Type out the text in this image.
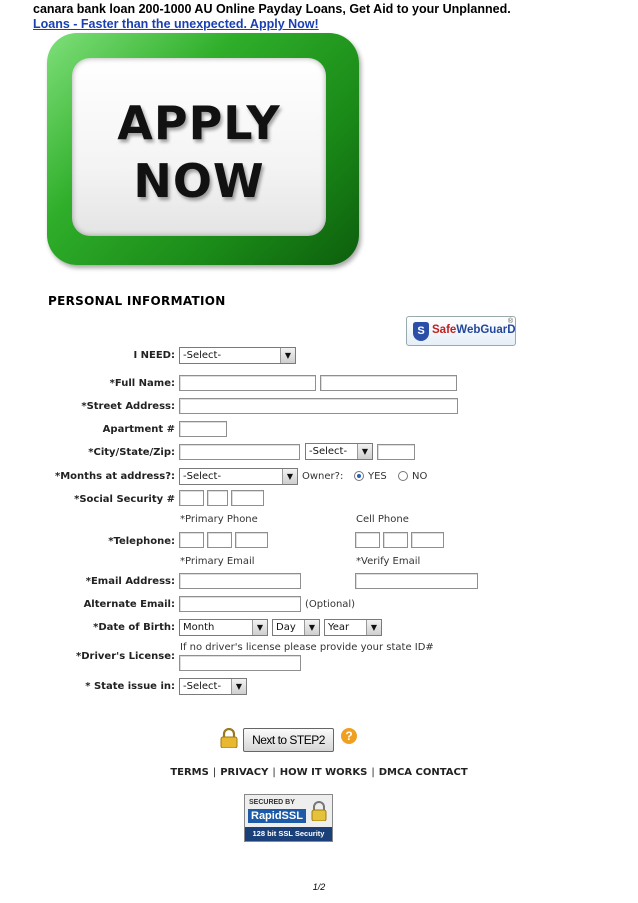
canara bank loan 200-1000 AU Online Payday Loans, Get Aid to your Unplanned.
Loans - Faster than the unexpected. Apply Now!
APPLY
NOW
PERSONAL INFORMATION
S SafeWebGuarD
®
I NEED: -Select-	▼
*Full Name:
*Street Address:
Apartment #
*City/State/Zip:	-Select-	▼
*Months at address?: -Select-	▼ Owner?: YES	NO
*Social Security #
*Primary Phone	Cell Phone
*Telephone:
*Primary Email	*Verify Email
*Email Address:
Alternate Email:	(Optional)
*Date of Birth: Month	▼	Day	▼	Year	▼
If no driver's license please provide your state ID#
*Driver's License:
* State issue in: -Select-	▼
Next to STEP2	?
TERMS | PRIVACY | HOW IT WORKS | DMCA CONTACT
SECURED BY
RapidSSL
128 bit SSL Security
1/2
